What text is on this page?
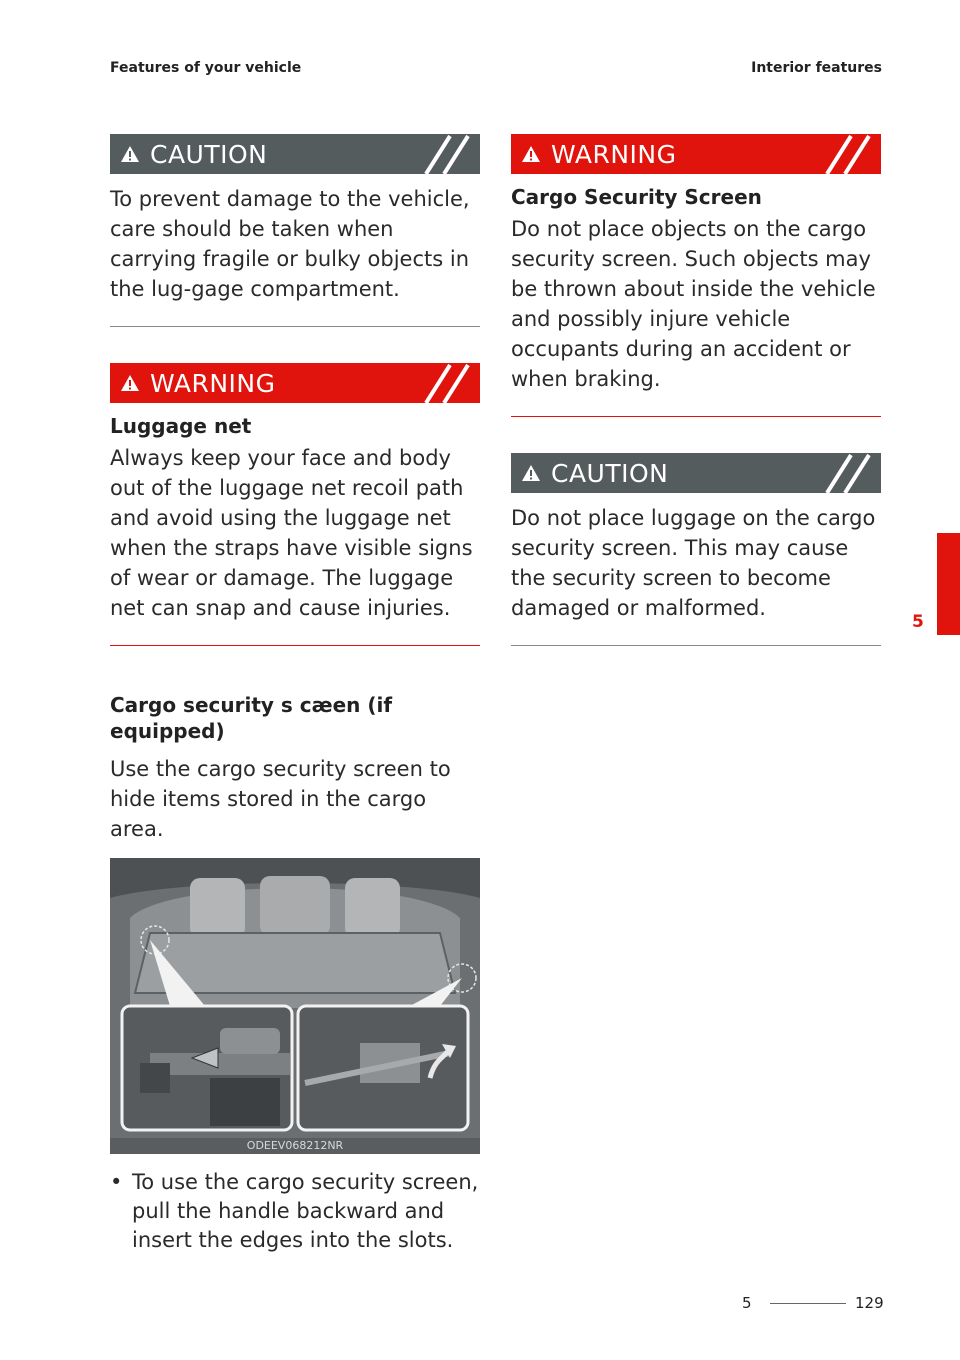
Features of your vehicle	Interior features
CAUTION

To prevent damage to the vehicle, care should be taken when carrying fragile or bulky objects in the lug-gage compartment.

WARNING
Luggage net

Always keep your face and body out of the luggage net recoil path and avoid using the luggage net when the straps have visible signs of wear or damage. The luggage net can snap and cause injuries.

Cargo security s cæen (if equipped)

Use the cargo security screen to hide items stored in the cargo area.

ODEEV068212NR
• To use the cargo security screen, pull the handle backward and insert the edges into the slots.
WARNING
Cargo Security Screen

Do not place objects on the cargo security screen. Such objects may be thrown about inside the vehicle and possibly injure vehicle occupants during an accident or when braking.

CAUTION

Do not place luggage on the cargo security screen. This may cause the security screen to become damaged or malformed.

5
5	129
